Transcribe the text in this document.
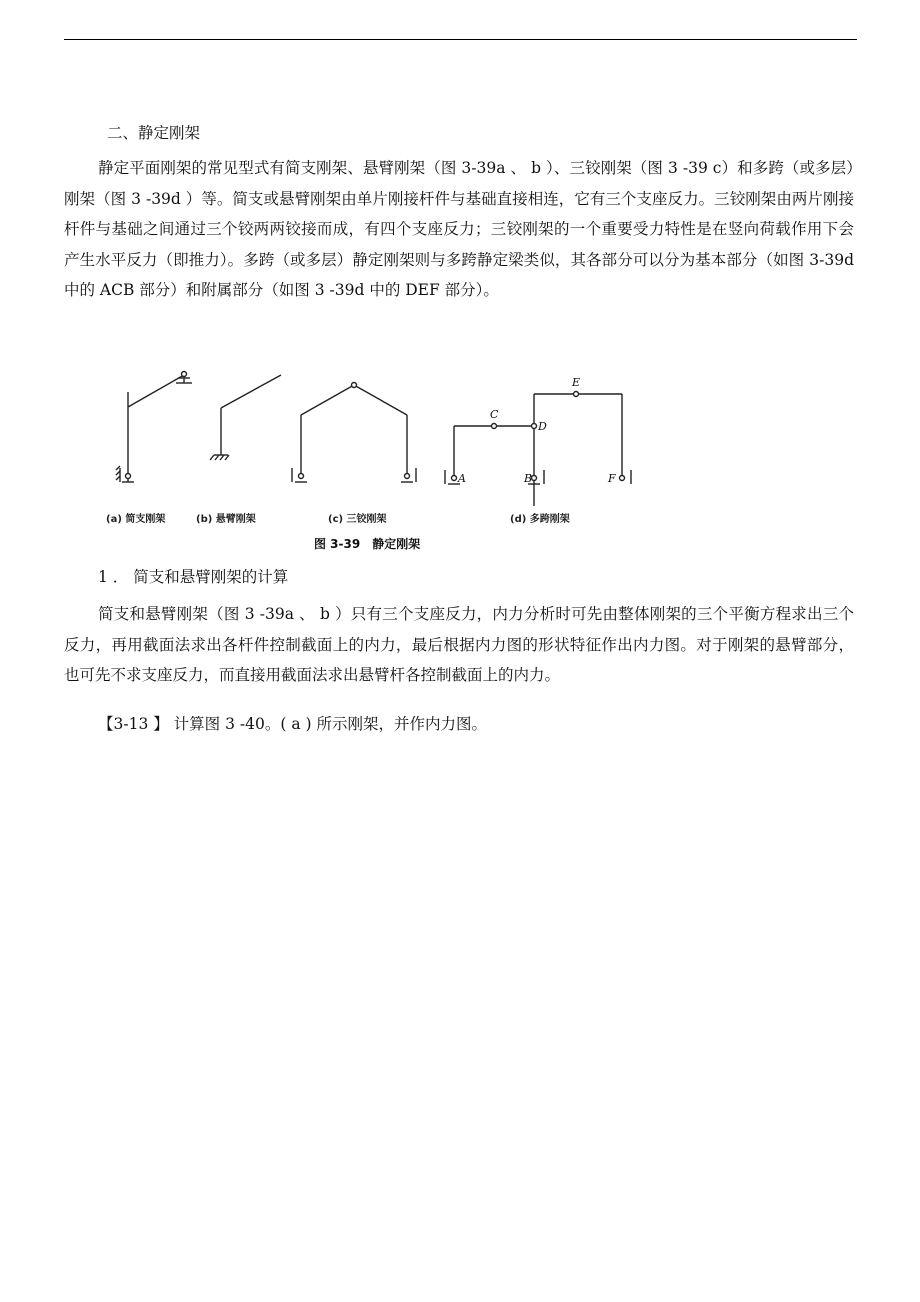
二、静定刚架
静定平面刚架的常见型式有简支刚架、悬臂刚架（图 3-39a 、 b ）、三铰刚架（图 3 -39 c）和多跨（或多层）刚架（图 3 -39d ）等。简支或悬臂刚架由单片刚接杆件与基础直接相连，它有三个支座反力。三铰刚架由两片刚接杆件与基础之间通过三个铰两两铰接而成，有四个支座反力；三铰刚架的一个重要受力特性是在竖向荷载作用下会产生水平反力（即推力）。多跨（或多层）静定刚架则与多跨静定梁类似，其各部分可以分为基本部分（如图 3-39d 中的 ACB 部分）和附属部分（如图 3 -39d 中的 DEF 部分）。
C
D
E
A	B	F
(a) 简支刚架	(b) 悬臂刚架	(c) 三铰刚架	(d) 多跨刚架
图 3-39　静定刚架
1 ． 简支和悬臂刚架的计算
简支和悬臂刚架（图 3 -39a 、 b ）只有三个支座反力，内力分析时可先由整体刚架的三个平衡方程求出三个反力，再用截面法求出各杆件控制截面上的内力，最后根据内力图的形状特征作出内力图。对于刚架的悬臂部分，也可先不求支座反力，而直接用截面法求出悬臂杆各控制截面上的内力。
【3-13 】 计算图 3 -40。( a ) 所示刚架，并作内力图。
